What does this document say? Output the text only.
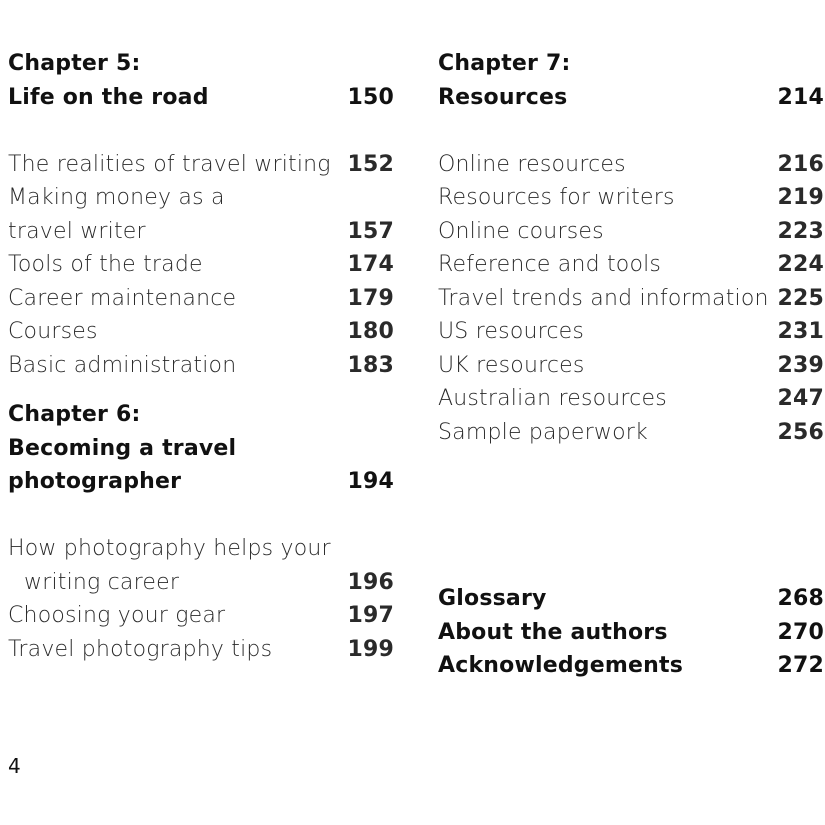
Chapter 5:
Life on the road	150
The realities of travel writing 152
Making money as a
travel writer	157
Tools of the trade	174
Career maintenance	179
Courses	180
Basic administration	183
Chapter 6:
Becoming a travel
photographer	194
How photography helps your
writing career	196
Choosing your gear	197
Travel photography tips	199
Chapter 7:
Resources	214
Online resources	216
Resources for writers	219
Online courses	223
Reference and tools	224
Travel trends and information 225
US resources	231
UK resources	239
Australian resources	247
Sample paperwork	256
Glossary	268
About the authors	270
Acknowledgements	272
4
